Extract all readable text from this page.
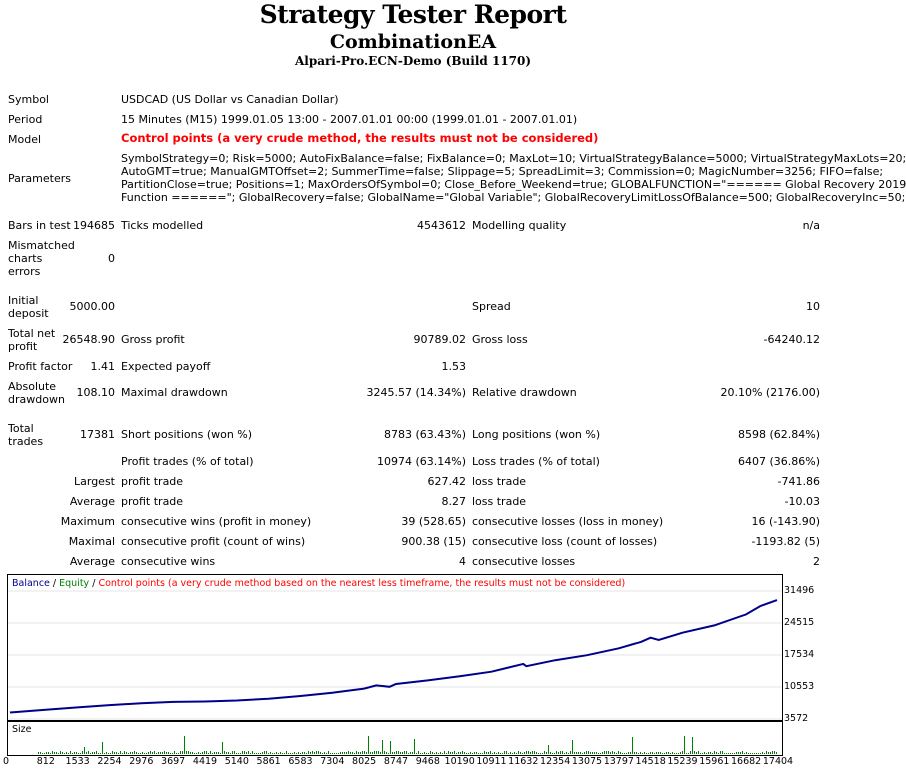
Strategy Tester Report
CombinationEA
Alpari-Pro.ECN-Demo (Build 1170)
Symbol	USDCAD (US Dollar vs Canadian Dollar)
Period	15 Minutes (M15) 1999.01.05 13:00 - 2007.01.01 00:00 (1999.01.01 - 2007.01.01)
Model	Control points (a very crude method, the results must not be considered)
Parameters
SymbolStrategy=0; Risk=5000; AutoFixBalance=false; FixBalance=0; MaxLot=10; VirtualStrategyBalance=5000; VirtualStrategyMaxLots=20;
AutoGMT=true; ManualGMTOffset=2; SummerTime=false; Slippage=5; SpreadLimit=3; Commission=0; MagicNumber=3256; FIFO=false;
PartitionClose=true; Positions=1; MaxOrdersOfSymbol=0; Close_Before_Weekend=true; GLOBALFUNCTION="====== Global Recovery 2019
Function ======"; GlobalRecovery=false; GlobalName="Global Variable"; GlobalRecoveryLimitLossOfBalance=500; GlobalRecoveryInc=50;
Bars in test 194685 Ticks modelled	4543612 Modelling quality	n/a
Mismatched
charts
errors
0
Initial
deposit
5000.00	Spread	10
Total net
profit
26548.90 Gross profit	90789.02 Gross loss	-64240.12
Profit factor	1.41 Expected payoff	1.53
Absolute
drawdown
108.10 Maximal drawdown	3245.57 (14.34%) Relative drawdown	20.10% (2176.00)
Total
trades
17381 Short positions (won %)	8783 (63.43%) Long positions (won %)	8598 (62.84%)
Profit trades (% of total)	10974 (63.14%) Loss trades (% of total)	6407 (36.86%)
Largest profit trade	627.42 loss trade	-741.86
Average profit trade	8.27 loss trade	-10.03
Maximum consecutive wins (profit in money)	39 (528.65) consecutive losses (loss in money)	16 (-143.90)
Maximal consecutive profit (count of wins)	900.38 (15) consecutive loss (count of losses)	-1193.82 (5)
Average consecutive wins	4 consecutive losses	2
Balance / Equity / Control points (a very crude method based on the nearest less timeframe, the results must not be considered)
31496
24515
17534
10553
3572
Size
0	812 1533 2254 2976 3697 4419 5140 5861 6583 7304 8025 8747 9468 10190 10911 11632 12354 13075 13797 14518 15239 15961 16682 17404
